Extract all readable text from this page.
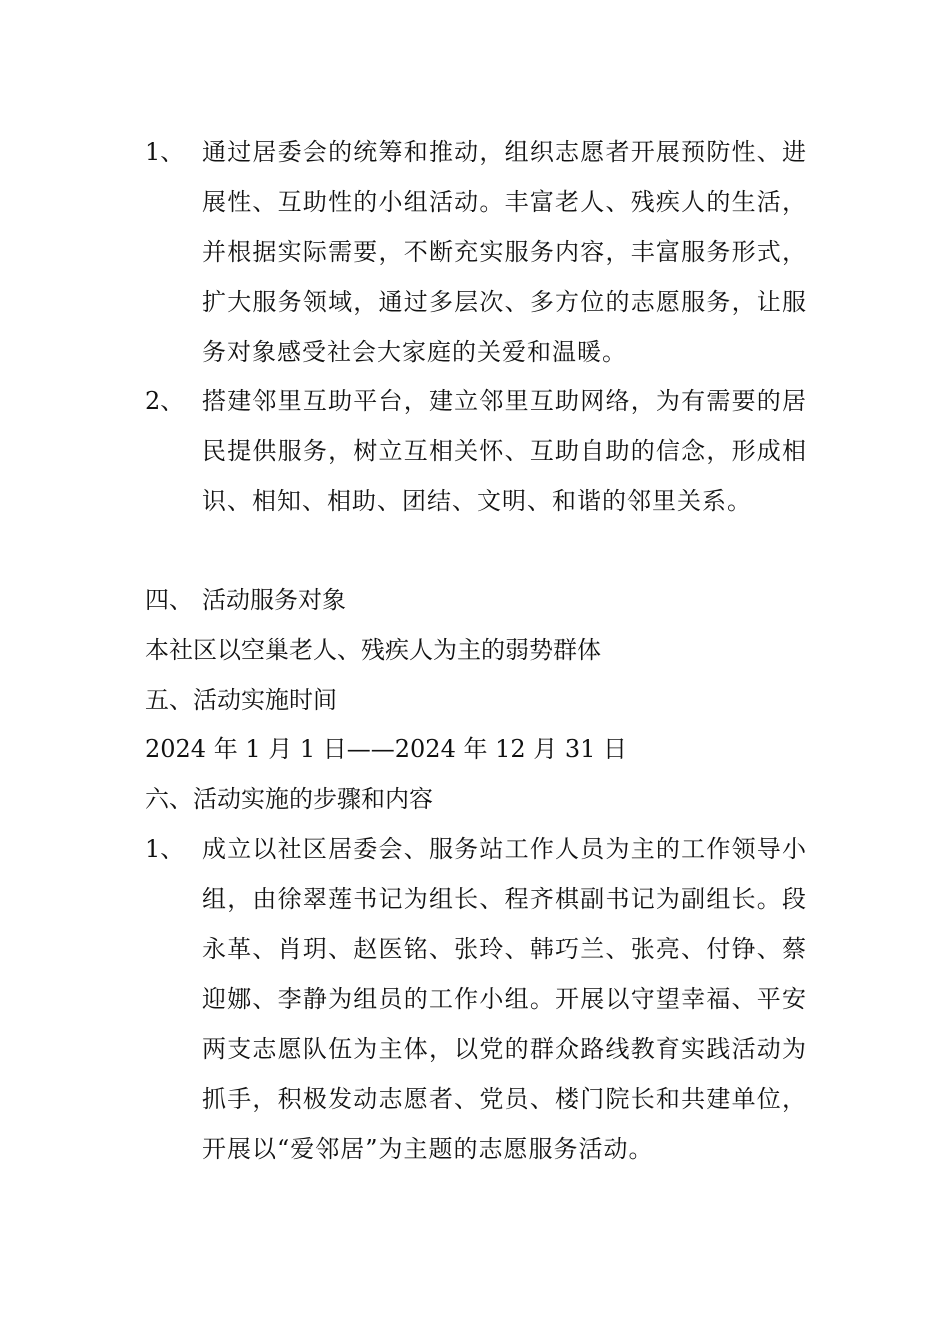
1、 通过居委会的统筹和推动，组织志愿者开展预防性、进展性、互助性的小组活动。丰富老人、残疾人的生活，并根据实际需要，不断充实服务内容，丰富服务形式，扩大服务领域，通过多层次、多方位的志愿服务，让服务对象感受社会大家庭的关爱和温暖。
2、 搭建邻里互助平台，建立邻里互助网络，为有需要的居民提供服务，树立互相关怀、互助自助的信念，形成相识、相知、相助、团结、文明、和谐的邻里关系。
四、 活动服务对象
本社区以空巢老人、残疾人为主的弱势群体
五、活动实施时间
2024 年 1 月 1 日——2024 年 12 月 31 日
六、活动实施的步骤和内容
1、 成立以社区居委会、服务站工作人员为主的工作领导小组，由徐翠莲书记为组长、程齐棋副书记为副组长。段永革、肖玥、赵医铭、张玲、韩巧兰、张亮、付铮、蔡迎娜、李静为组员的工作小组。开展以守望幸福、平安两支志愿队伍为主体，以党的群众路线教育实践活动为抓手，积极发动志愿者、党员、楼门院长和共建单位，开展以“爱邻居”为主题的志愿服务活动。
